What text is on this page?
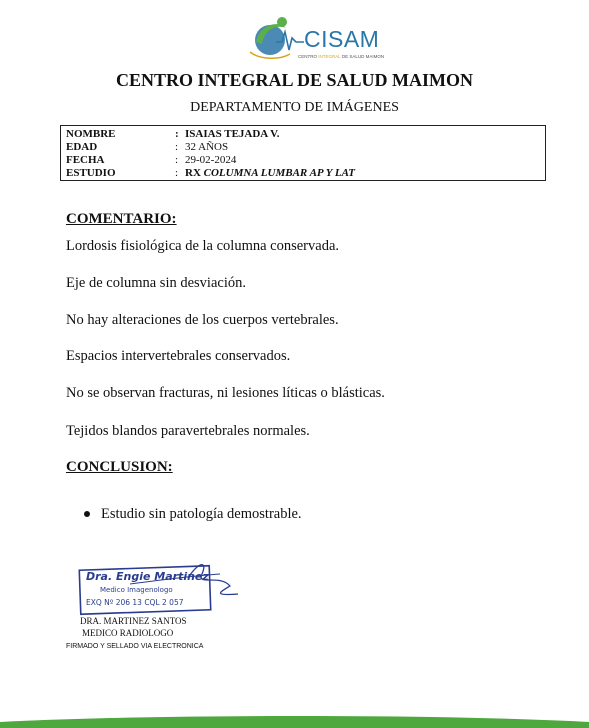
CISAM
CENTRO INTEGRAL DE SALUD MAIMON
CENTRO INTEGRAL DE SALUD MAIMON
DEPARTAMENTO DE IMÁGENES
NOMBRE	: ISAIAS TEJADA V.
EDAD	: 32 AÑOS
FECHA	: 29-02-2024
ESTUDIO	: RX COLUMNA LUMBAR AP Y LAT
COMENTARIO:
Lordosis fisiológica de la columna conservada.
Eje de columna sin desviación.
No hay alteraciones de los cuerpos vertebrales.
Espacios intervertebrales conservados.
No se observan fracturas, ni lesiones líticas o blásticas.
Tejidos blandos paravertebrales normales.
CONCLUSION:
Estudio sin patología demostrable.
Dra. Engie Martinez
Medico Imagenologo
EXQ Nº 206 13 CQL 2 057
DRA. MARTINEZ SANTOS
MEDICO RADIOLOGO
FIRMADO Y SELLADO VIA ELECTRONICA
